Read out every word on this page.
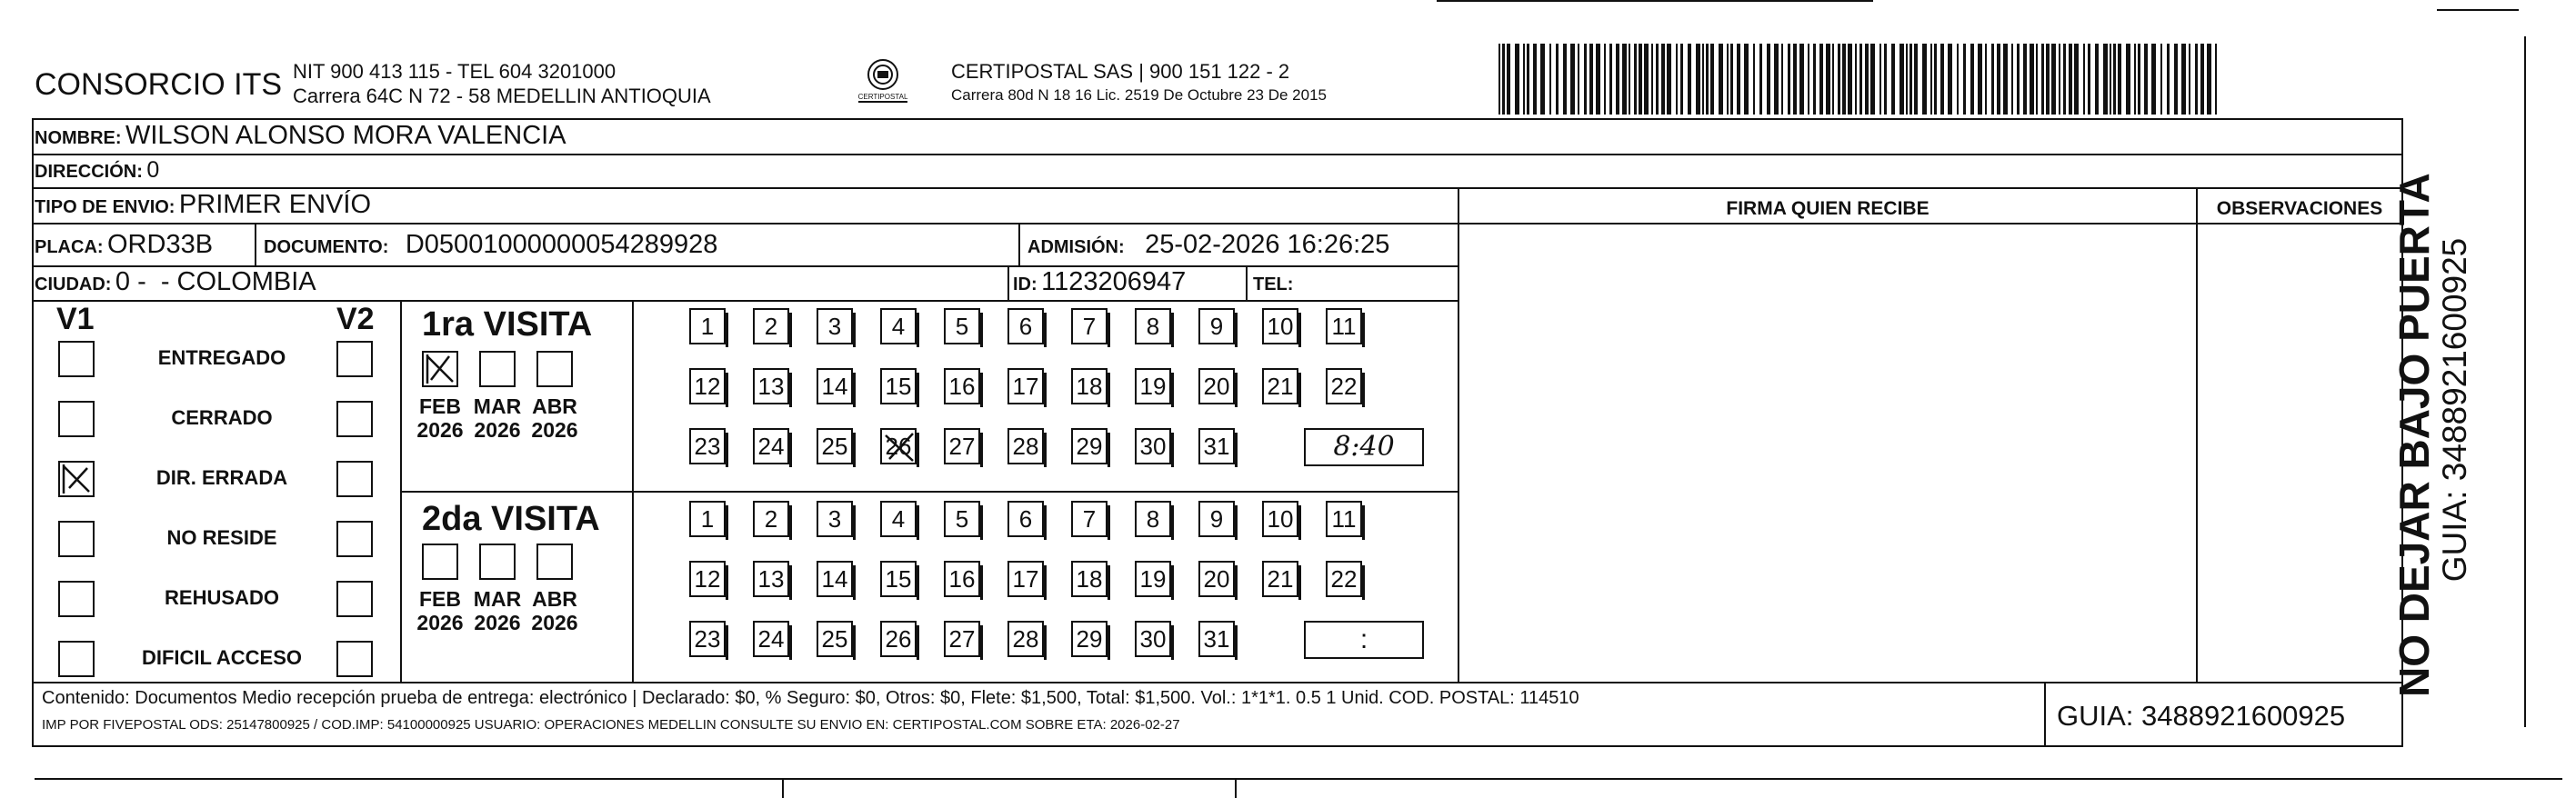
CONSORCIO ITS NIT 900 413 115 - TEL 604 3201000
Carrera 64C N 72 - 58 MEDELLIN ANTIOQUIA	CERTIPOSTAL
CERTIPOSTAL SAS | 900 151 122 - 2
Carrera 80d N 18 16 Lic. 2519 De Octubre 23 De 2015
NOMBRE: WILSON ALONSO MORA VALENCIA
DIRECCIÓN: 0
TIPO DE ENVIO: PRIMER ENVÍO	FIRMA QUIEN RECIBE	OBSERVACIONES
PLACA: ORD33B	DOCUMENTO: D05001000000054289928	ADMISIÓN: 25-02-2026 16:26:25
CIUDAD: 0 -  - COLOMBIA	ID: 1123206947	TEL:
V1	V2
ENTREGADO
CERRADO
DIR. ERRADA
NO RESIDE
REHUSADO
DIFICIL ACCESO
1ra VISITA
2da VISITA
FEB
2026
MAR
2026
ABR
2026
1	2	3	4	5	6	7	8	9	10 11
12 13 14 15 16 17 18 19 20 21 22
23 24 25 26 27 28 29 30 31	8:40
FEB
2026
MAR
2026
ABR
2026
1	2	3	4	5	6	7	8	9	10 11
12 13 14 15 16 17 18 19 20 21 22
23 24 25 26 27 28 29 30 31	:
Contenido: Documentos Medio recepción prueba de entrega: electrónico | Declarado: $0, % Seguro: $0, Otros: $0, Flete: $1,500, Total: $1,500. Vol.: 1*1*1. 0.5 1 Unid. COD. POSTAL: 114510
IMP POR FIVEPOSTAL ODS: 25147800925 / COD.IMP: 54100000925 USUARIO: OPERACIONES MEDELLIN CONSULTE SU ENVIO EN: CERTIPOSTAL.COM SOBRE ETA: 2026-02-27	GUIA: 3488921600925
NO DEJAR BAJO PUERTA
GUIA: 3488921600925
